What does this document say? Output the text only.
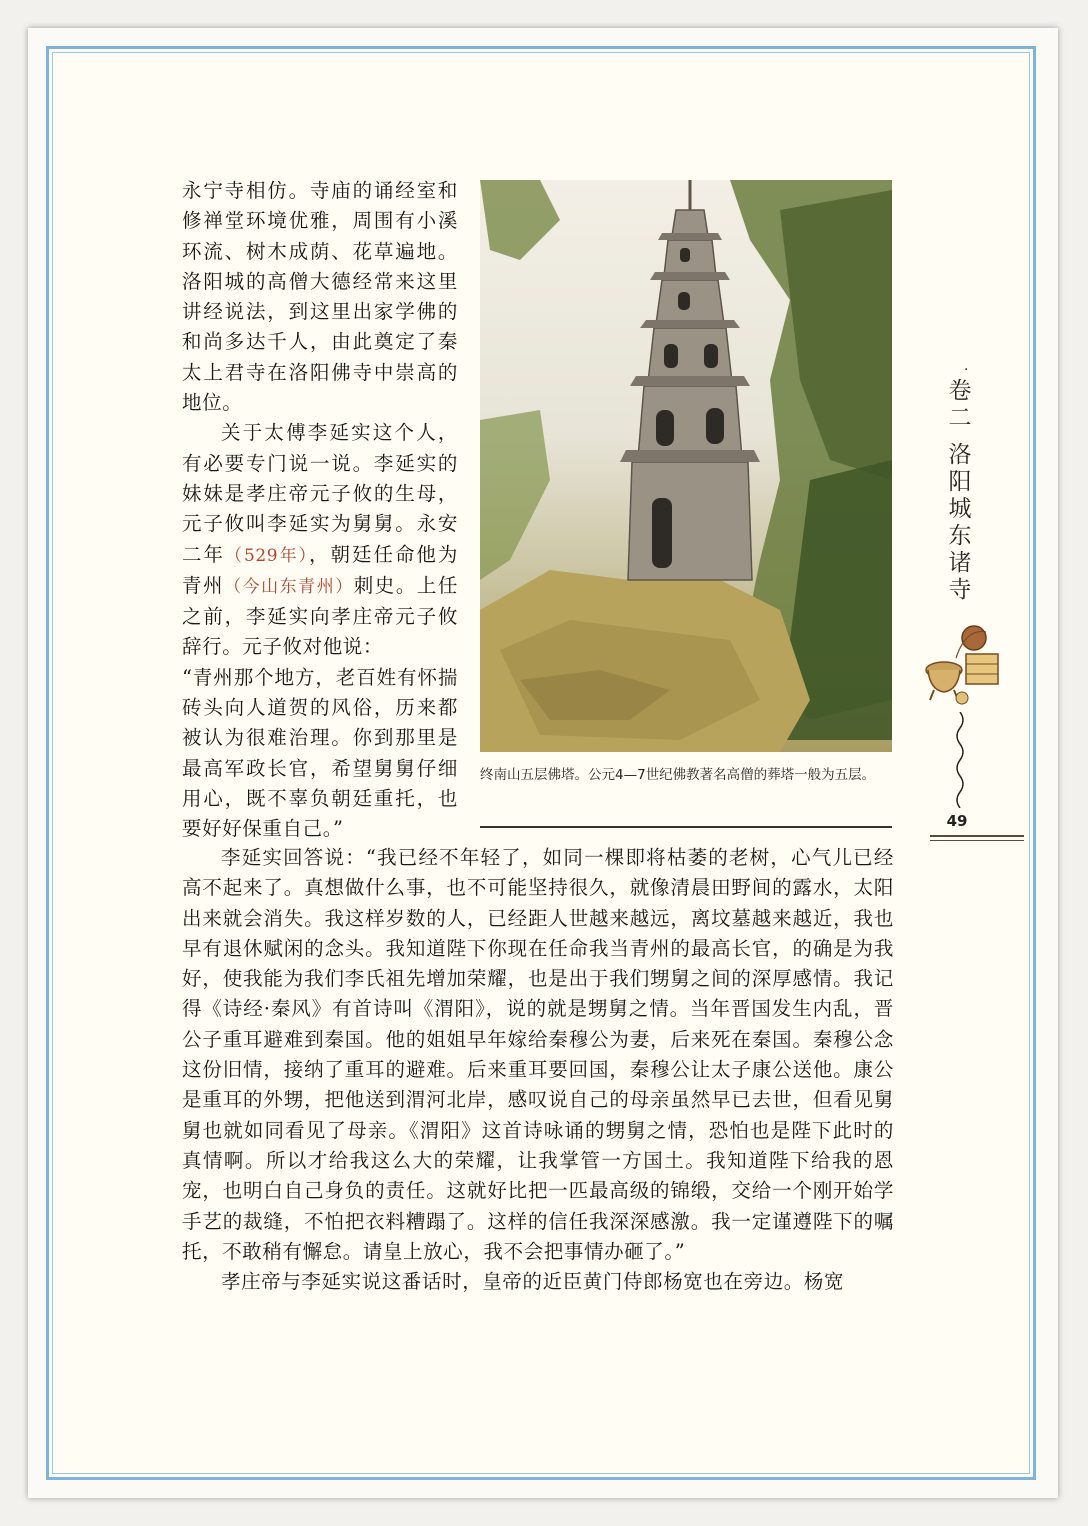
永宁寺相仿。寺庙的诵经室和修禅堂环境优雅，周围有小溪环流、树木成荫、花草遍地。洛阳城的高僧大德经常来这里讲经说法，到这里出家学佛的和尚多达千人，由此奠定了秦太上君寺在洛阳佛寺中崇高的地位。

关于太傅李延实这个人，有必要专门说一说。李延实的妹妹是孝庄帝元子攸的生母，元子攸叫李延实为舅舅。永安二年（529年），朝廷任命他为青州（今山东青州）刺史。上任之前，李延实向孝庄帝元子攸辞行。元子攸对他说：

“青州那个地方，老百姓有怀揣砖头向人道贺的风俗，历来都被认为很难治理。你到那里是最高军政长官，希望舅舅仔细用心，既不辜负朝廷重托，也要好好保重自己。”

终南山五层佛塔。公元4—7世纪佛教著名高僧的葬塔一般为五层。

李延实回答说：“我已经不年轻了，如同一棵即将枯萎的老树，心气儿已经高不起来了。真想做什么事，也不可能坚持很久，就像清晨田野间的露水，太阳出来就会消失。我这样岁数的人，已经距人世越来越远，离坟墓越来越近，我也早有退休赋闲的念头。我知道陛下你现在任命我当青州的最高长官，的确是为我好，使我能为我们李氏祖先增加荣耀，也是出于我们甥舅之间的深厚感情。我记得《诗经·秦风》有首诗叫《渭阳》，说的就是甥舅之情。当年晋国发生内乱，晋公子重耳避难到秦国。他的姐姐早年嫁给秦穆公为妻，后来死在秦国。秦穆公念这份旧情，接纳了重耳的避难。后来重耳要回国，秦穆公让太子康公送他。康公是重耳的外甥，把他送到渭河北岸，感叹说自己的母亲虽然早已去世，但看见舅舅也就如同看见了母亲。《渭阳》这首诗咏诵的甥舅之情，恐怕也是陛下此时的真情啊。所以才给我这么大的荣耀，让我掌管一方国土。我知道陛下给我的恩宠，也明白自己身负的责任。这就好比把一匹最高级的锦缎，交给一个刚开始学手艺的裁缝，不怕把衣料糟蹋了。这样的信任我深深感激。我一定谨遵陛下的嘱托，不敢稍有懈怠。请皇上放心，我不会把事情办砸了。”

孝庄帝与李延实说这番话时，皇帝的近臣黄门侍郎杨宽也在旁边。杨宽

·
卷
二
洛
阳
城
东
诸
寺
49
